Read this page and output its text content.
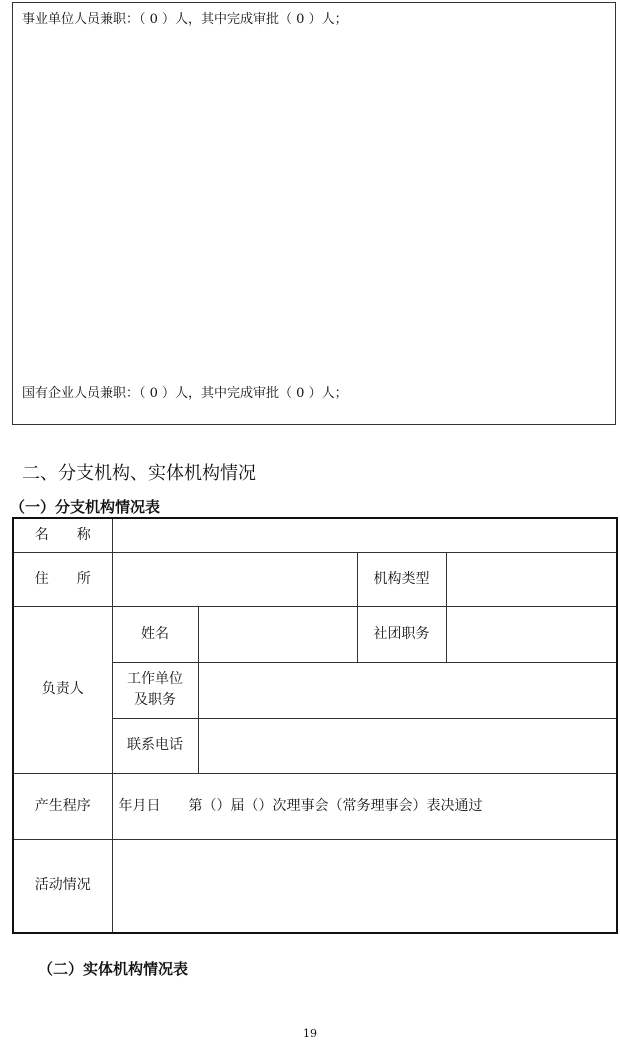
事业单位人员兼职：（ 0 ）人，其中完成审批（ 0 ）人；
国有企业人员兼职：（ 0 ）人，其中完成审批（ 0 ）人；
二、分支机构、实体机构情况
（一）分支机构情况表
名　　称				
住　　所			机构类型	
负责人	姓名		社团职务	

	工作单位
及职务			

	联系电话			
产生程序	年月日　　第（）届（）次理事会（常务理事会）表决通过			
活动情况				
（二）实体机构情况表
19
